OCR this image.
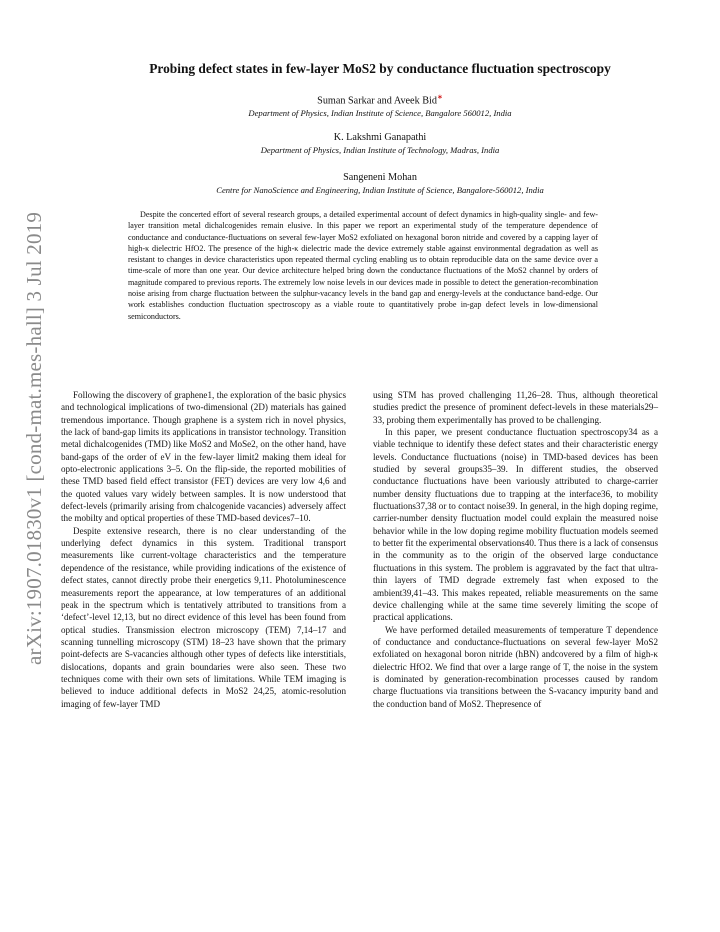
arXiv:1907.01830v1 [cond-mat.mes-hall] 3 Jul 2019
Probing defect states in few-layer MoS2 by conductance fluctuation spectroscopy
Suman Sarkar and Aveek Bid∗
Department of Physics, Indian Institute of Science, Bangalore 560012, India
K. Lakshmi Ganapathi
Department of Physics, Indian Institute of Technology, Madras, India
Sangeneni Mohan
Centre for NanoScience and Engineering, Indian Institute of Science, Bangalore-560012, India
Despite the concerted effort of several research groups, a detailed experimental account of defect dynamics in high-quality single- and few-layer transition metal dichalcogenides remain elusive. In this paper we report an experimental study of the temperature dependence of conductance and conductance-fluctuations on several few-layer MoS2 exfoliated on hexagonal boron nitride and covered by a capping layer of high-κ dielectric HfO2. The presence of the high-κ dielectric made the device extremely stable against environmental degradation as well as resistant to changes in device characteristics upon repeated thermal cycling enabling us to obtain reproducible data on the same device over a time-scale of more than one year. Our device architecture helped bring down the conductance fluctuations of the MoS2 channel by orders of magnitude compared to previous reports. The extremely low noise levels in our devices made in possible to detect the generation-recombination noise arising from charge fluctuation between the sulphur-vacancy levels in the band gap and energy-levels at the conductance band-edge. Our work establishes conduction fluctuation spectroscopy as a viable route to quantitatively probe in-gap defect levels in low-dimensional semiconductors.

Following the discovery of graphene1, the exploration of the basic physics and technological implications of two-dimensional (2D) materials has gained tremendous importance. Though graphene is a system rich in novel physics, the lack of band-gap limits its applications in transistor technology. Transition metal dichalcogenides (TMD) like MoS2 and MoSe2, on the other hand, have band-gaps of the order of eV in the few-layer limit2 making them ideal for opto-electronic applications 3–5. On the flip-side, the reported mobilities of these TMD based field effect transistor (FET) devices are very low 4,6 and the quoted values vary widely between samples. It is now understood that defect-levels (primarily arising from chalcogenide vacancies) adversely affect the mobilty and optical properties of these TMD-based devices7–10.

Despite extensive research, there is no clear understanding of the underlying defect dynamics in this system. Traditional transport measurements like current-voltage characteristics and the temperature dependence of the resistance, while providing indications of the existence of defect states, cannot directly probe their energetics 9,11. Photoluminescence measurements report the appearance, at low temperatures of an additional peak in the spectrum which is tentatively attributed to transitions from a ‘defect’-level 12,13, but no direct evidence of this level has been found from optical studies. Transmission electron microscopy (TEM) 7,14–17 and scanning tunnelling microscopy (STM) 18–23 have shown that the primary point-defects are S-vacancies although other types of defects like interstitials, dislocations, dopants and grain boundaries were also seen. These two techniques come with their own sets of limitations. While TEM imaging is believed to induce additional defects in MoS2 24,25, atomic-resolution imaging of few-layer TMD

using STM has proved challenging 11,26–28. Thus, although theoretical studies predict the presence of prominent defect-levels in these materials29–33, probing them experimentally has proved to be challenging.

In this paper, we present conductance fluctuation spectroscopy34 as a viable technique to identify these defect states and their characteristic energy levels. Conductance fluctuations (noise) in TMD-based devices has been studied by several groups35–39. In different studies, the observed conductance fluctuations have been variously attributed to charge-carrier number density fluctuations due to trapping at the interface36, to mobility fluctuations37,38 or to contact noise39. In general, in the high doping regime, carrier-number density fluctuation model could explain the measured noise behavior while in the low doping regime mobility fluctuation models seemed to better fit the experimental observations40. Thus there is a lack of consensus in the community as to the origin of the observed large conductance fluctuations in this system. The problem is aggravated by the fact that ultra-thin layers of TMD degrade extremely fast when exposed to the ambient39,41–43. This makes repeated, reliable measurements on the same device challenging while at the same time severely limiting the scope of practical applications.

We have performed detailed measurements of temperature T dependence of conductance and conductance-fluctuations on several few-layer MoS2 exfoliated on hexagonal boron nitride (hBN) andcovered by a film of high-κ dielectric HfO2. We find that over a large range of T, the noise in the system is dominated by generation-recombination processes caused by random charge fluctuations via transitions between the S-vacancy impurity band and the conduction band of MoS2. Thepresence of
